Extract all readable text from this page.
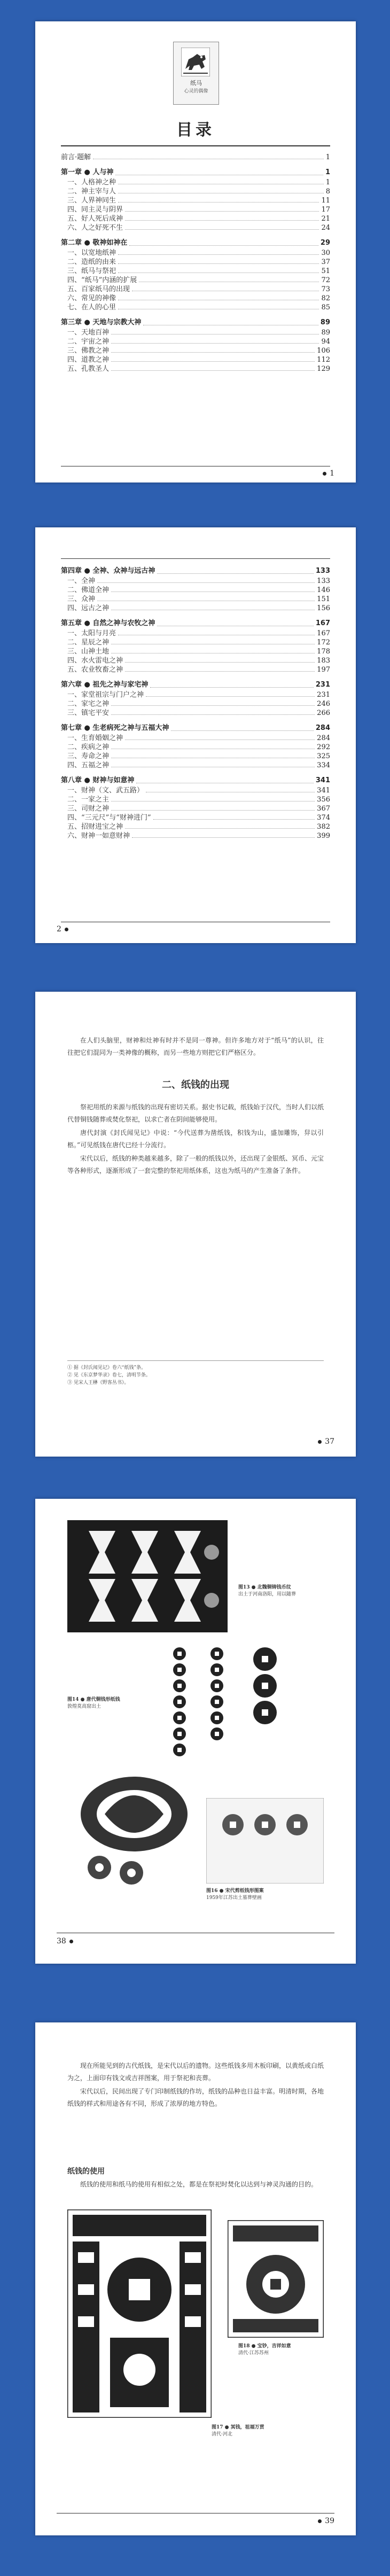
纸马
心灵的偶像
目录
前言·题解	1
第一章 ● 人与神	1
一、人格神之种	1
二、神主宰与人	8
三、人界神同生	11
四、同主灵与阴界	17
五、好人死后成神	21
六、人之好死不生	24
第二章 ● 敬神如神在	29
一、以宽地纸神	30
二、造纸的由来	37
三、纸马与祭祀	51
四、“纸马”内涵的扩展	72
五、百家纸马的出现	73
六、常见的神像	82
七、在人的心里	85
第三章 ● 天地与宗教大神	89
一、天地百神	89
二、宇宙之神	94
三、佛教之神	106
四、道教之神	112
五、孔教圣人	129
1
第四章 ● 全神、众神与远古神	133
一、全神	133
二、佛道全神	146
三、众神	151
四、远古之神	156
第五章 ● 自然之神与农牧之神	167
一、太阳与月亮	167
二、星辰之神	172
三、山神土地	178
四、水火雷电之神	183
五、农业牧畜之神	197
第六章 ● 祖先之神与家宅神	231
一、家堂祖宗与门户之神	231
二、家宅之神	246
三、镇宅平安	266
第七章 ● 生老病死之神与五福大神	284
一、生育婚姻之神	284
二、疾病之神	292
三、寿命之神	325
四、五福之神	334
第八章 ● 财神与如意神	341
一、财神（文、武五路）	341
二、一家之主	356
三、司财之神	367
四、“三元尺”与“财神进门”	374
五、招财进宝之神	382
六、财神一如意财神	399
2

在人们头脑里，财神和灶神有时并不是同一尊神。但许多地方对于“纸马”的认识，往往把它们混同为一类神像的概称，而另一些地方则把它们严格区分。

二、纸钱的出现

祭祀用纸的来源与纸钱的出现有密切关系。据史书记载，纸钱始于汉代，当时人们以纸代替铜钱随葬或焚化祭祀，以求亡者在阴间能够使用。

唐代封演《封氏闻见记》中说：“今代送葬为凿纸钱，积钱为山，盛加雕饰，舁以引柩。”可见纸钱在唐代已经十分流行。

宋代以后，纸钱的种类越来越多，除了一般的纸钱以外，还出现了金银纸、冥币、元宝等各种形式，逐渐形成了一套完整的祭祀用纸体系，这也为纸马的产生准备了条件。

① 据《封氏闻见记》卷六“纸钱”条。
② 见《东京梦华录》卷七，清明节条。
③ 见宋人王楙《野客丛书》。
37
图13 ● 北魏铜铸钱币纹
出土于河南洛阳，用以随葬
图14 ● 唐代铜钱形纸钱
敦煌莫高窟出土
图16 ● 宋代剪纸钱形图案
1959年江苏出土墓葬壁画
38

现在所能见到的古代纸钱，是宋代以后的遗物。这些纸钱多用木板印刷，以黄纸或白纸为之，上面印有钱文或吉祥图案，用于祭祀和丧葬。

宋代以后，民间出现了专门印制纸钱的作坊，纸钱的品种也日益丰富。明清时期，各地纸钱的样式和用途各有不同，形成了浓厚的地方特色。

纸钱的使用

纸钱的使用和纸马的使用有相似之处，都是在祭祀时焚化以达到与神灵沟通的目的。

图18 ● 宝钞，吉祥如意
清代·江苏苏州
图17 ● 冥钱，祖福万贯
清代·河北
39
